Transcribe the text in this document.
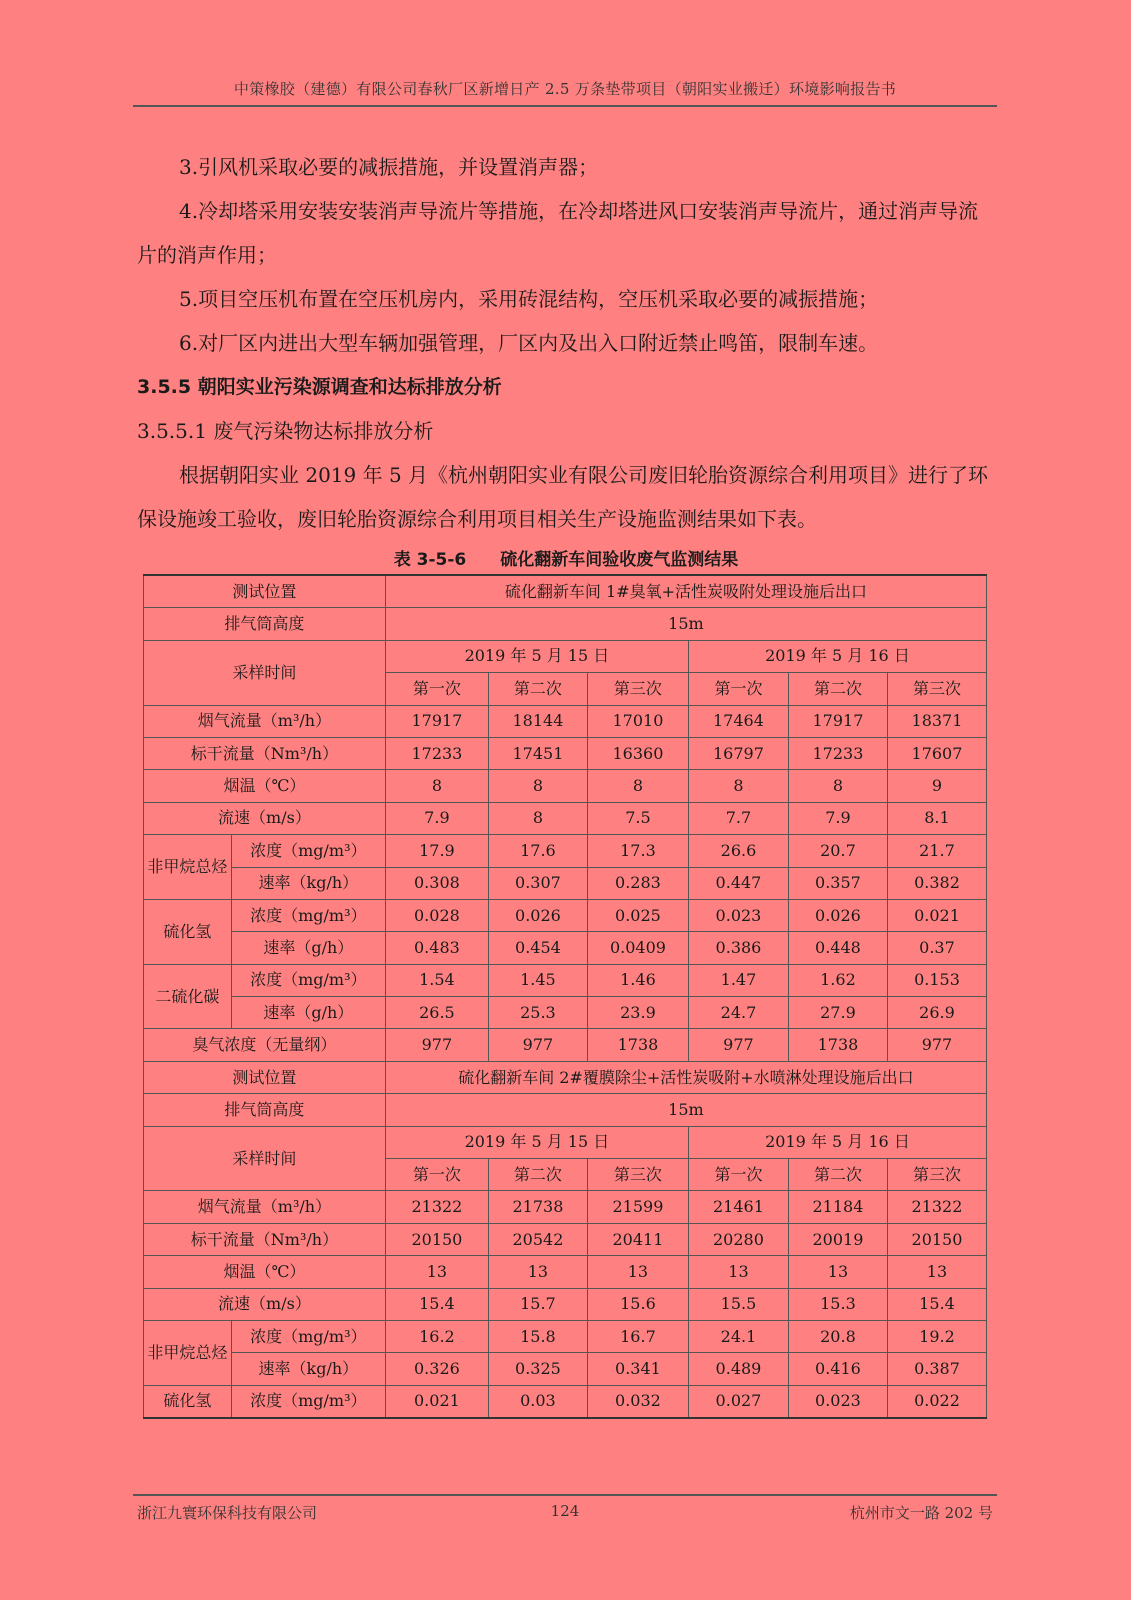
中策橡胶（建德）有限公司春秋厂区新增日产 2.5 万条垫带项目（朝阳实业搬迁）环境影响报告书

3.引风机采取必要的减振措施，并设置消声器；

4.冷却塔采用安装安装消声导流片等措施，在冷却塔进风口安装消声导流片，通过消声导流片的消声作用；

5.项目空压机布置在空压机房内，采用砖混结构，空压机采取必要的减振措施；

6.对厂区内进出大型车辆加强管理，厂区内及出入口附近禁止鸣笛，限制车速。

3.5.5 朝阳实业污染源调查和达标排放分析

3.5.5.1 废气污染物达标排放分析

根据朝阳实业 2019 年 5 月《杭州朝阳实业有限公司废旧轮胎资源综合利用项目》进行了环保设施竣工验收，废旧轮胎资源综合利用项目相关生产设施监测结果如下表。

表 3-5-6　　硫化翻新车间验收废气监测结果
测试位置		硫化翻新车间 1#臭氧+活性炭吸附处理设施后出口					
排气筒高度		15m					
采样时间		2019 年 5 月 15 日			2019 年 5 月 16 日		
		第一次	第二次	第三次	第一次	第二次	第三次
烟气流量（m³/h）		17917	18144	17010	17464	17917	18371
标干流量（Nm³/h）		17233	17451	16360	16797	17233	17607
烟温（℃）		8	8	8	8	8	9
流速（m/s）		7.9	8	7.5	7.7	7.9	8.1
非甲烷总烃	浓度（mg/m³）	17.9	17.6	17.3	26.6	20.7	21.7
	速率（kg/h）	0.308	0.307	0.283	0.447	0.357	0.382
硫化氢	浓度（mg/m³）	0.028	0.026	0.025	0.023	0.026	0.021
	速率（g/h）	0.483	0.454	0.0409	0.386	0.448	0.37
二硫化碳	浓度（mg/m³）	1.54	1.45	1.46	1.47	1.62	0.153
	速率（g/h）	26.5	25.3	23.9	24.7	27.9	26.9
臭气浓度（无量纲）		977	977	1738	977	1738	977
测试位置		硫化翻新车间 2#覆膜除尘+活性炭吸附+水喷淋处理设施后出口					
排气筒高度		15m					
采样时间		2019 年 5 月 15 日			2019 年 5 月 16 日		
		第一次	第二次	第三次	第一次	第二次	第三次
烟气流量（m³/h）		21322	21738	21599	21461	21184	21322
标干流量（Nm³/h）		20150	20542	20411	20280	20019	20150
烟温（℃）		13	13	13	13	13	13
流速（m/s）		15.4	15.7	15.6	15.5	15.3	15.4
非甲烷总烃	浓度（mg/m³）	16.2	15.8	16.7	24.1	20.8	19.2
	速率（kg/h）	0.326	0.325	0.341	0.489	0.416	0.387
硫化氢	浓度（mg/m³）	0.021	0.03	0.032	0.027	0.023	0.022
浙江九寰环保科技有限公司	124	杭州市文一路 202 号
